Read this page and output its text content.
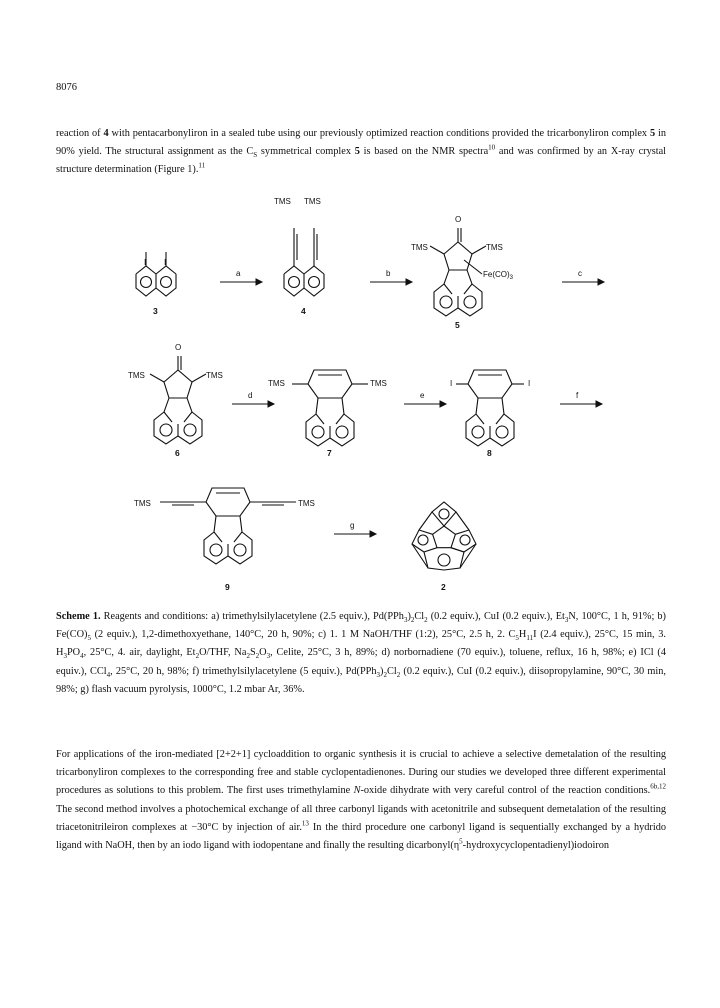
8076

reaction of 4 with pentacarbonyliron in a sealed tube using our previously optimized reaction conditions provided the tricarbonyliron complex 5 in 90% yield. The structural assignment as the $C_S$ symmetrical complex 5 is based on the NMR spectra$^{10}$ and was confirmed by an X-ray crystal structure determination (Figure 1).$^{11}$

I I
TMS TMS
O
TMS	TMS
$Fe(CO)_3$
O
TMS	TMS
TMS	TMS	I	I
TMS	TMS
a	b	c
d	e	f
g
3	4
5
6	7	8
9	2

Scheme 1. Reagents and conditions: a) trimethylsilylacetylene (2.5 equiv.), $Pd(PPh_3)_2Cl_2$ (0.2 equiv.), CuI (0.2 equiv.), $Et_3N$, 100°C, 1 h, 91%; b) $Fe(CO)_5$ (2 equiv.), 1,2-dimethoxyethane, 140°C, 20 h, 90%; c) 1. 1 M NaOH/THF (1:2), 25°C, 2.5 h, 2. $C_5H_{11}I$ (2.4 equiv.), 25°C, 15 min, 3. $H_3PO_4$, 25°C, 4. air, daylight, $Et_2O$/THF, $Na_2S_2O_3$, Celite, 25°C, 3 h, 89%; d) norbornadiene (70 equiv.), toluene, reflux, 16 h, 98%; e) ICl (4 equiv.), CCl$_4$, 25°C, 20 h, 98%; f) trimethylsilylacetylene (5 equiv.), $Pd(PPh_3)_2Cl_2$ (0.2 equiv.), CuI (0.2 equiv.), diisopropylamine, 90°C, 30 min, 98%; g) flash vacuum pyrolysis, 1000°C, 1.2 mbar Ar, 36%.

For applications of the iron-mediated [2+2+1] cycloaddition to organic synthesis it is crucial to achieve a selective demetalation of the resulting tricarbonyliron complexes to the corresponding free and stable cyclopentadienones. During our studies we developed three different experimental procedures as solutions to this problem. The first uses trimethylamine N-oxide dihydrate with very careful control of the reaction conditions.$^{6b,12}$ The second method involves a photochemical exchange of all three carbonyl ligands with acetonitrile and subsequent demetalation of the resulting triacetonitrileiron complexes at −30°C by injection of air.$^{13}$ In the third procedure one carbonyl ligand is sequentially exchanged by a hydrido ligand with NaOH, then by an iodo ligand with iodopentane and finally the resulting $dicarbonyl(\eta^5-hydroxycyclopentadienyl)iodoiron$
